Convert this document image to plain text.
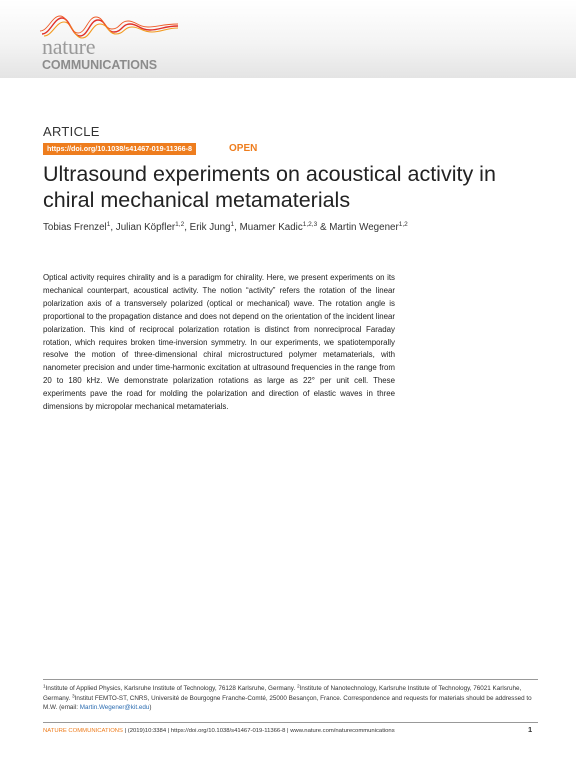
nature
COMMUNICATIONS
ARTICLE
https://doi.org/10.1038/s41467-019-11366-8	OPEN
Ultrasound experiments on acoustical activity in chiral mechanical metamaterials
Tobias Frenzel$^1$, Julian Köpfler$^{1,2}$, Erik Jung$^1$, Muamer Kadic$^{1,2,3}$ & Martin Wegener$^{1,2}$

Optical activity requires chirality and is a paradigm for chirality. Here, we present experiments on its mechanical counterpart, acoustical activity. The notion “activity” refers the rotation of the linear polarization axis of a transversely polarized (optical or mechanical) wave. The rotation angle is proportional to the propagation distance and does not depend on the orientation of the incident linear polarization. This kind of reciprocal polarization rotation is distinct from nonreciprocal Faraday rotation, which requires broken time-inversion symmetry. In our experiments, we spatiotemporally resolve the motion of three-dimensional chiral microstructured polymer metamaterials, with nanometer precision and under time-harmonic excitation at ultrasound frequencies in the range from 20 to 180 kHz. We demonstrate polarization rotations as large as 22° per unit cell. These experiments pave the road for molding the polarization and direction of elastic waves in three dimensions by micropolar mechanical metamaterials.

$^1$Institute of Applied Physics, Karlsruhe Institute of Technology, 76128 Karlsruhe, Germany. $^2$Institute of Nanotechnology, Karlsruhe Institute of Technology, 76021 Karlsruhe, Germany. $^3$Institut FEMTO-ST, CNRS, Université de Bourgogne Franche-Comté, 25000 Besançon, France. Correspondence and requests for materials should be addressed to M.W. (email: Martin.Wegener@kit.edu)
NATURE COMMUNICATIONS | (2019)10:3384 | https://doi.org/10.1038/s41467-019-11366-8 | www.nature.com/naturecommunications	1
